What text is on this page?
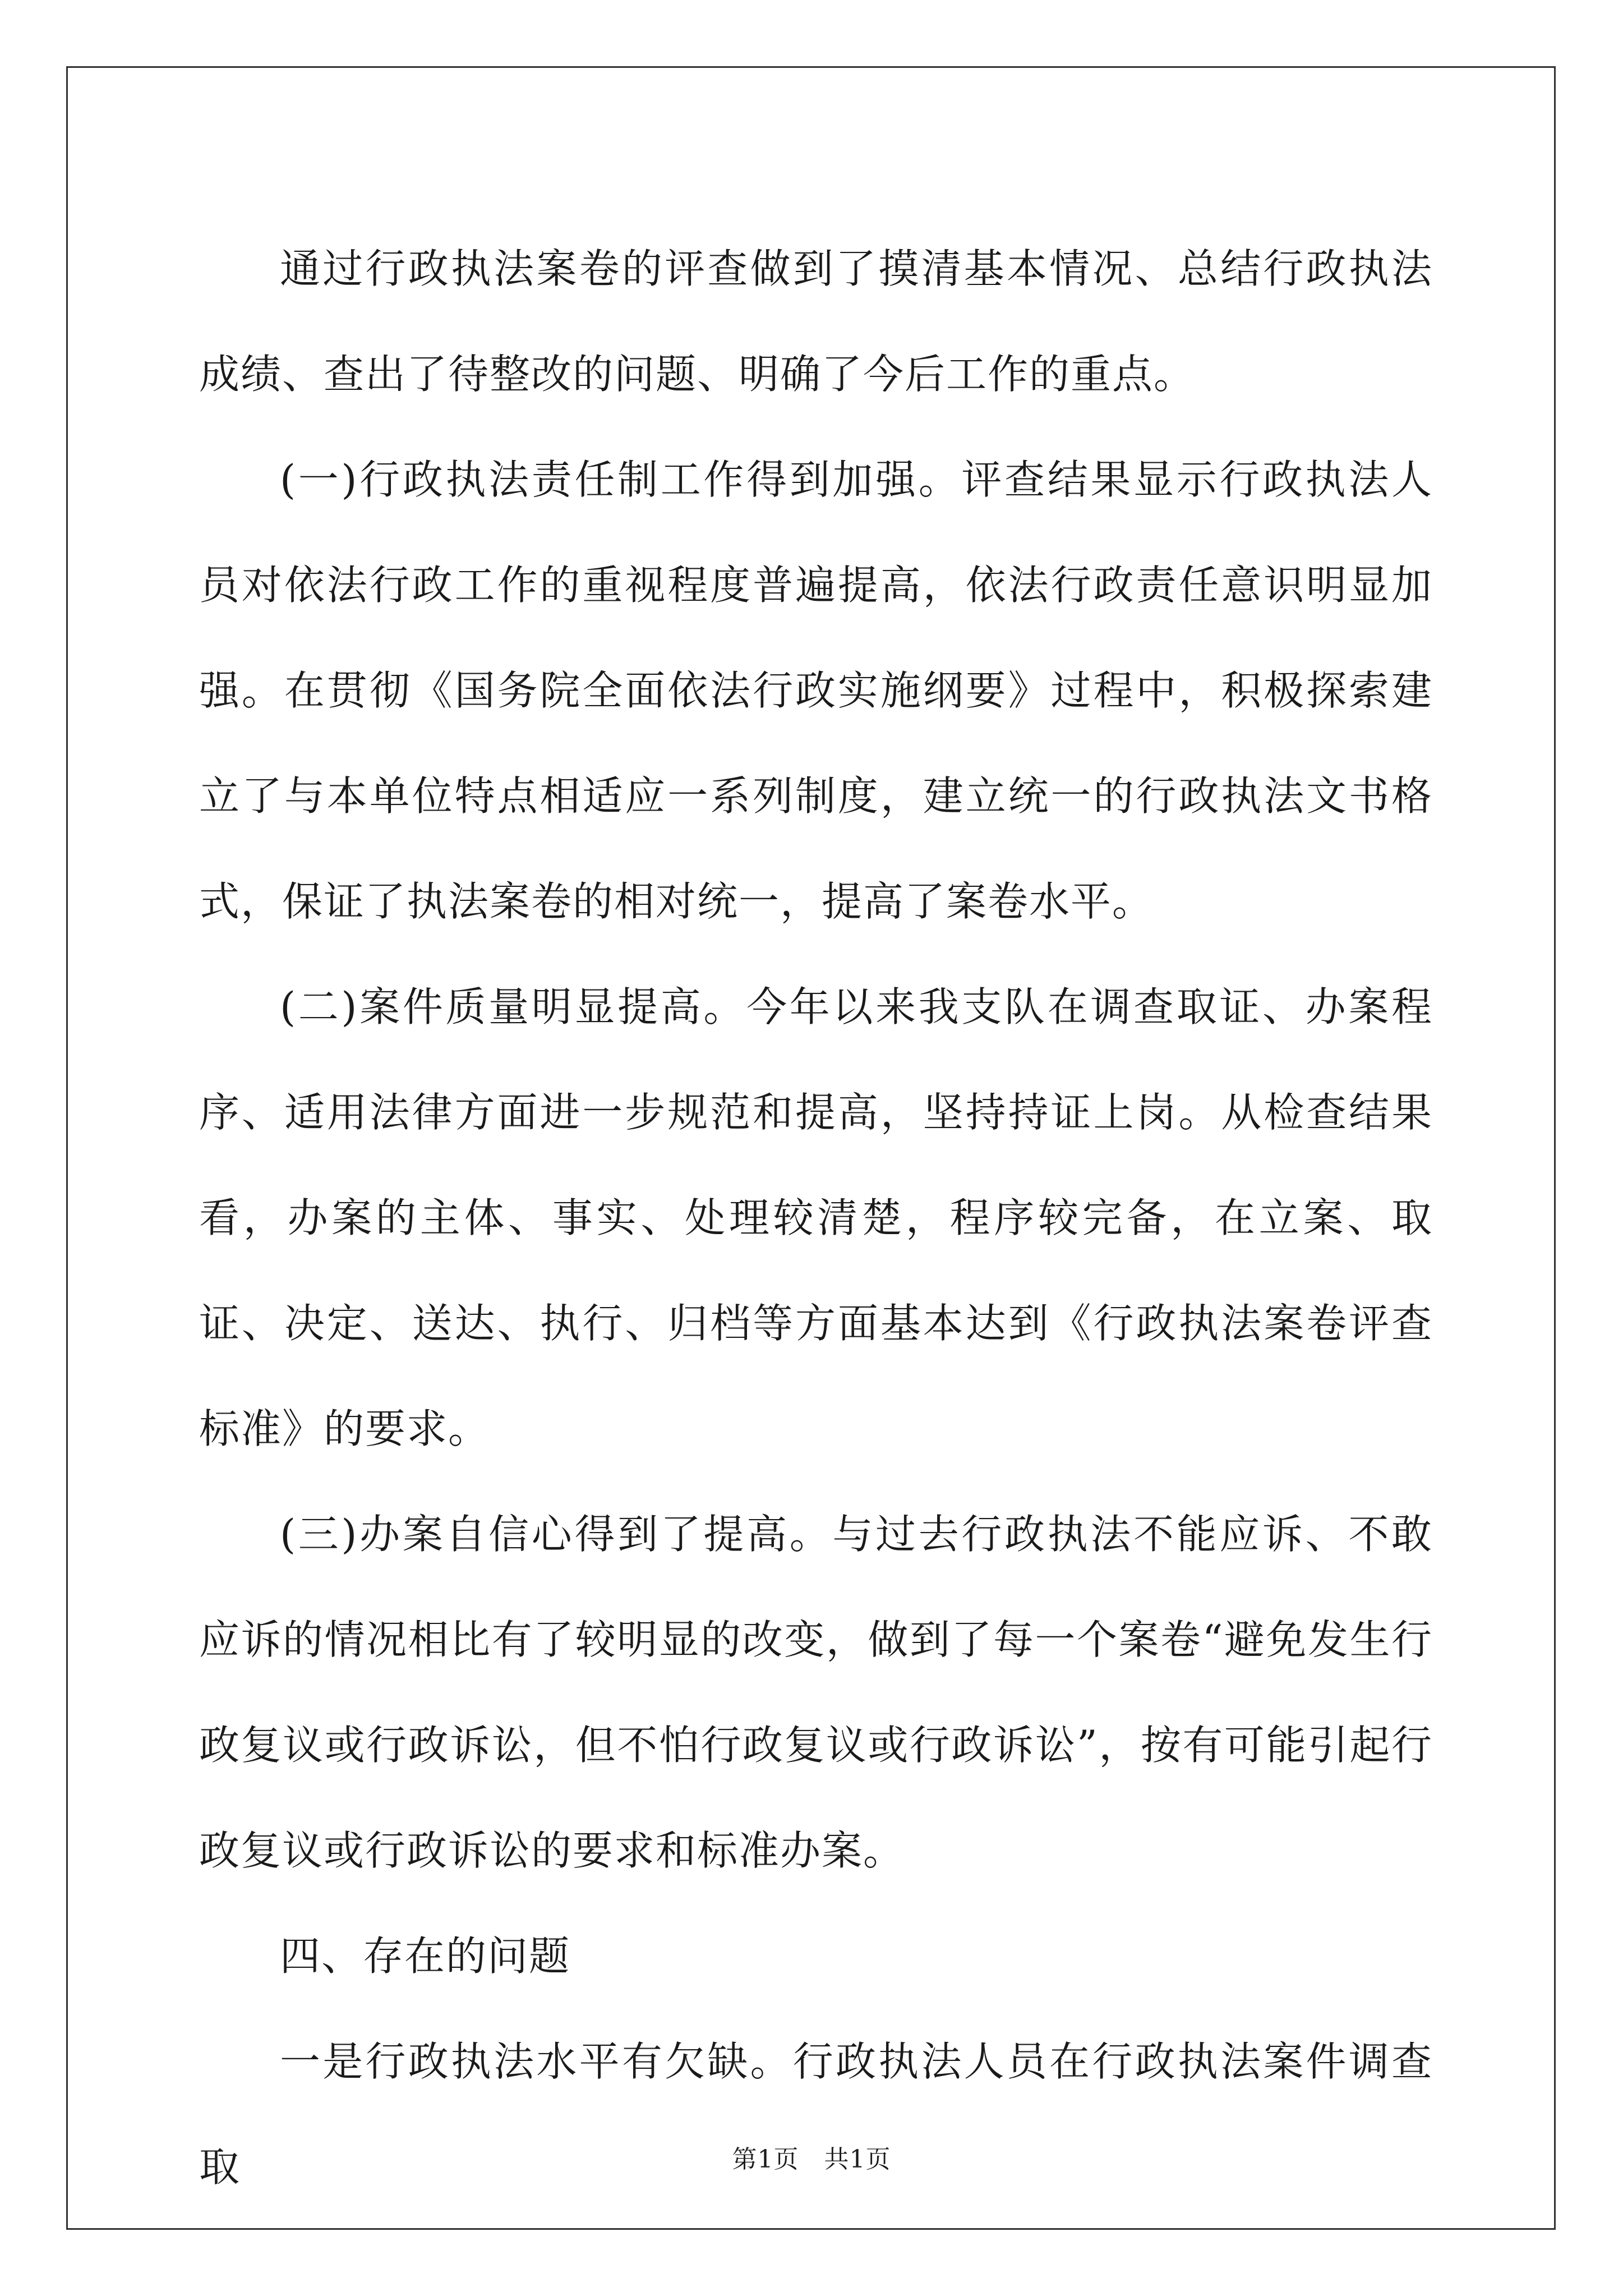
通过行政执法案卷的评查做到了摸清基本情况、总结行政执法成绩、查出了待整改的问题、明确了今后工作的重点。

(一)行政执法责任制工作得到加强。评查结果显示行政执法人员对依法行政工作的重视程度普遍提高，依法行政责任意识明显加强。在贯彻《国务院全面依法行政实施纲要》过程中，积极探索建立了与本单位特点相适应一系列制度，建立统一的行政执法文书格式，保证了执法案卷的相对统一，提高了案卷水平。

(二)案件质量明显提高。今年以来我支队在调查取证、办案程序、适用法律方面进一步规范和提高，坚持持证上岗。从检查结果看，办案的主体、事实、处理较清楚，程序较完备，在立案、取证、决定、送达、执行、归档等方面基本达到《行政执法案卷评查标准》的要求。

(三)办案自信心得到了提高。与过去行政执法不能应诉、不敢应诉的情况相比有了较明显的改变，做到了每一个案卷“避免发生行政复议或行政诉讼，但不怕行政复议或行政诉讼”，按有可能引起行政复议或行政诉讼的要求和标准办案。

四、存在的问题

一是行政执法水平有欠缺。行政执法人员在行政执法案件调查取	第1页 共1页
